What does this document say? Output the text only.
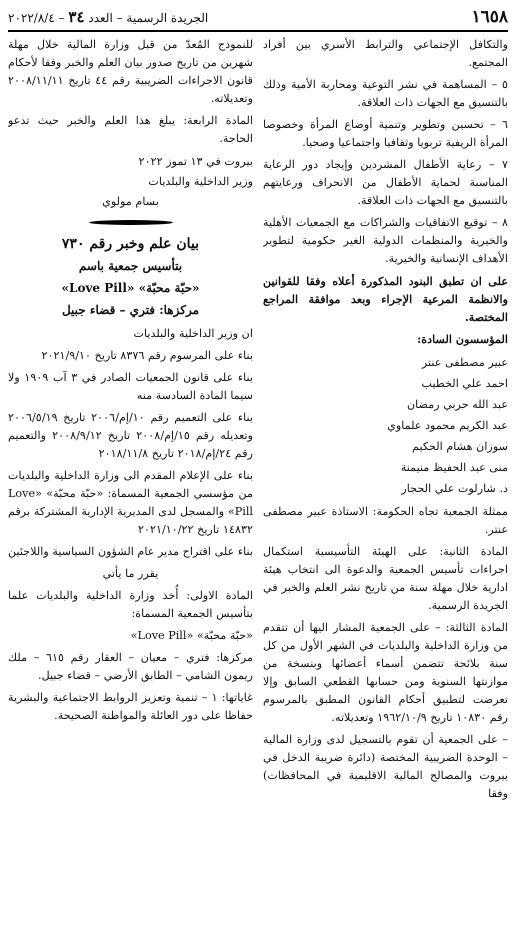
١٦٥٨
الجريدة الرسمية – العدد ٣٤ – ٢٠٢٢/٨/٤

والتكافل الإجتماعي والترابط الأسري بين أفراد المجتمع.

٥ – المساهمة في نشر التوعية ومحاربة الأمية وذلك بالتنسيق مع الجهات ذات العلاقة.

٦ – تحسين وتطوير وتنمية أوضاع المرأة وخصوصا المرأة الريفية تربويا وثقافيا واجتماعيا وصحيا.

٧ – رعاية الأطفال المشردين وإيجاد دور الرعاية المناسبة لحماية الأطفال من الانحراف ورعايتهم بالتنسيق مع الجهات ذات العلاقة.

٨ – توقيع الاتفاقيات والشراكات مع الجمعيات الأهلية والخيرية والمنظمات الدولية الغير حكومية لتطوير الأهداف الإنسانية والخيرية.

على ان تطبق البنود المذكورة أعلاه وفقا للقوانين والانظمة المرعية الإجراء وبعد موافقة المراجع المختصة.

المؤسسون السادة:

عبير مصطفى عنتر

احمد علي الخطيب

عبد الله حربي رمضان

عبد الكريم محمود علماوي

سوزان هشام الحكيم

منى عبد الحفيظ منيمنة

د. شارلوت علي الحجار

ممثلة الجمعية تجاه الحكومة: الاستاذة عبير مصطفى عنتر.

المادة الثانية: على الهيئة التأسيسية استكمال اجراءات تأسيس الجمعية والدعوة الى انتخاب هيئة ادارية خلال مهلة سنة من تاريخ نشر العلم والخبر في الجريدة الرسمية.

المادة الثالثة: – على الجمعية المشار اليها أن تتقدم من وزارة الداخلية والبلديات في الشهر الأول من كل سنة بلائحة تتضمن أسماء أعضائها وبنسخة من موازنتها السنوية ومن حسابها القطعي السابق وإلا تعرضت لتطبيق أحكام القانون المطبق بالمرسوم رقم ١٠٨٣٠ تاريخ ١٩٦٢/١٠/٩ وتعديلاته.

– على الجمعية أن تقوم بالتسجيل لدى وزارة المالية – الوحدة الضريبية المختصة (دائرة ضريبة الدخل في بيروت والمصالح المالية الاقليمية في المحافظات) وفقا

للنموذج المُعدّ من قبل وزارة المالية خلال مهلة شهرين من تاريخ صدور بيان العلم والخبر وفقا لأحكام قانون الاجراءات الضريبية رقم ٤٤ تاريخ ٢٠٠٨/١١/١١ وتعديلاته.

المادة الرابعة: يبلغ هذا العلم والخبر حيث تدعو الحاجة.

بيروت في ١٣ تموز ٢٠٢٢

وزير الداخلية والبلديات

بسام مولوي

بيان علم وخبر رقم ٧٣٠

بتأسيس جمعية باسم

«حبّة محبّة» «Love Pill»

مركزها: فتري – قضاء جبيل

ان وزير الداخلية والبلديات

بناء على المرسوم رقم ٨٣٧٦ تاريخ ٢٠٢١/٩/١٠

بناء على قانون الجمعيات الصادر في ٣ آب ١٩٠٩ ولا سيما المادة السادسة منه

بناء على التعميم رقم ١٠/إم/٢٠٠٦ تاريخ ٢٠٠٦/٥/١٩ وتعديله رقم ١٥/إم/٢٠٠٨ تاريخ ٢٠٠٨/٩/١٢ والتعميم رقم ٢٤/إم/٢٠١٨ تاريخ ٢٠١٨/١١/٨

بناء على الإعلام المقدم الى وزارة الداخلية والبلديات من مؤسسي الجمعية المسماة: «حبّة محبّة» «Love Pill» والمسجل لدى المديرية الإدارية المشتركة برقم ١٤٨٣٢ تاريخ ٢٠٢١/١٠/٢٢

بناء على اقتراح مدير عام الشؤون السياسية واللاجئين

يقرر ما يأتي

المادة الاولى: أُخذ وزارة الداخلية والبلديات علما بتأسيس الجمعية المسماة:

«حبّة محبّة» «Love Pill»

مركزها: فتري – معيان – العقار رقم ٦١٥ – ملك ريمون الشامي – الطابق الأرضي – قضاء جبيل.

غاياتها: ١ – تنمية وتعزيز الروابط الاجتماعية والبشرية حفاظا على دور العائلة والمواطنة الصحيحة.
